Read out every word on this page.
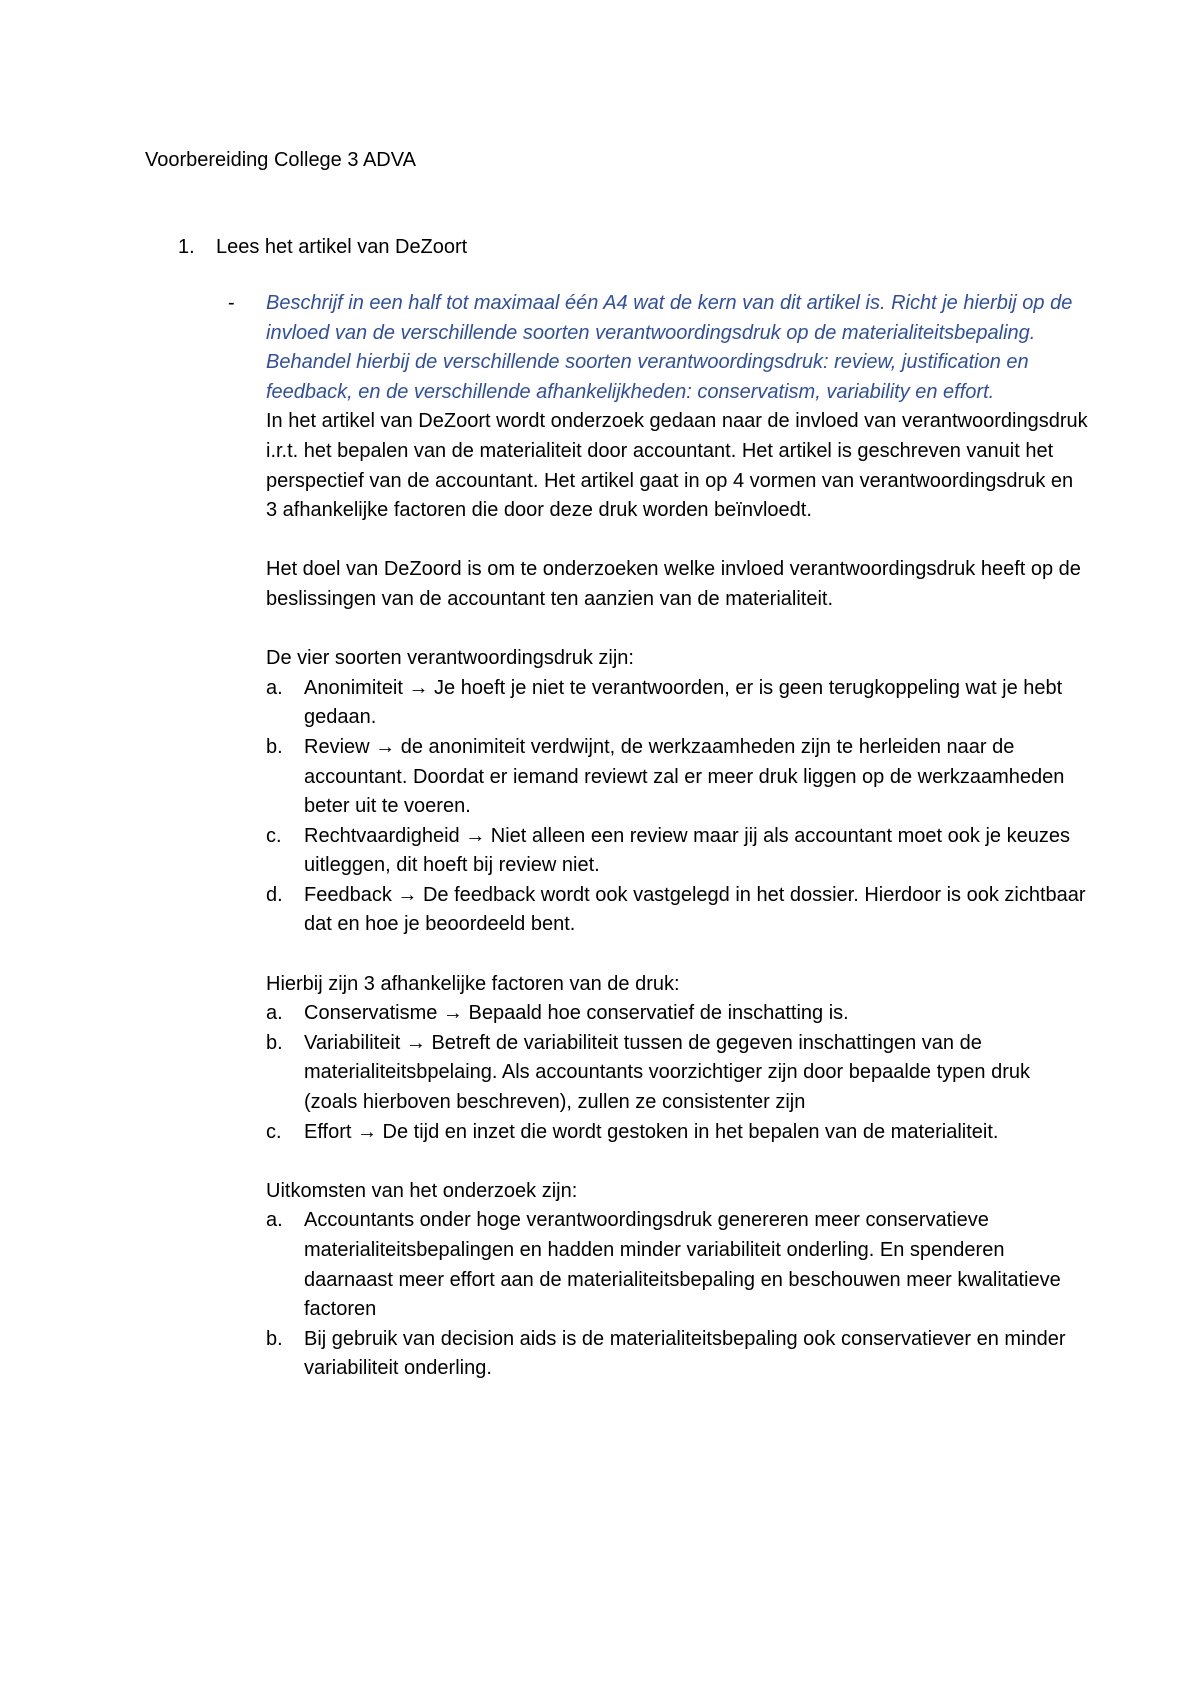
Voorbereiding College 3 ADVA
1.	Lees het artikel van DeZoort
- Beschrijf in een half tot maximaal één A4 wat de kern van dit artikel is. Richt je hierbij op de invloed van de verschillende soorten verantwoordingsdruk op de materialiteitsbepaling. Behandel hierbij de verschillende soorten verantwoordingsdruk: review, justification en feedback, en de verschillende afhankelijkheden: conservatism, variability en effort.

In het artikel van DeZoort wordt onderzoek gedaan naar de invloed van verantwoordingsdruk i.r.t. het bepalen van de materialiteit door accountant. Het artikel is geschreven vanuit het perspectief van de accountant. Het artikel gaat in op 4 vormen van verantwoordingsdruk en 3 afhankelijke factoren die door deze druk worden beïnvloedt.

Het doel van DeZoord is om te onderzoeken welke invloed verantwoordingsdruk heeft op de beslissingen van de accountant ten aanzien van de materialiteit.

De vier soorten verantwoordingsdruk zijn:
a.	Anonimiteit → Je hoeft je niet te verantwoorden, er is geen terugkoppeling wat je hebt gedaan.
b.	Review → de anonimiteit verdwijnt, de werkzaamheden zijn te herleiden naar de accountant. Doordat er iemand reviewt zal er meer druk liggen op de werkzaamheden beter uit te voeren.
c.	Rechtvaardigheid → Niet alleen een review maar jij als accountant moet ook je keuzes uitleggen, dit hoeft bij review niet.
d.	Feedback → De feedback wordt ook vastgelegd in het dossier. Hierdoor is ook zichtbaar dat en hoe je beoordeeld bent.
Hierbij zijn 3 afhankelijke factoren van de druk:
a.	Conservatisme → Bepaald hoe conservatief de inschatting is.
b.	Variabiliteit → Betreft de variabiliteit tussen de gegeven inschattingen van de materialiteitsbpelaing. Als accountants voorzichtiger zijn door bepaalde typen druk (zoals hierboven beschreven), zullen ze consistenter zijn
c.	Effort → De tijd en inzet die wordt gestoken in het bepalen van de materialiteit.
Uitkomsten van het onderzoek zijn:
a.	Accountants onder hoge verantwoordingsdruk genereren meer conservatieve materialiteitsbepalingen en hadden minder variabiliteit onderling. En spenderen daarnaast meer effort aan de materialiteitsbepaling en beschouwen meer kwalitatieve factoren
b.	Bij gebruik van decision aids is de materialiteitsbepaling ook conservatiever en minder variabiliteit onderling.
